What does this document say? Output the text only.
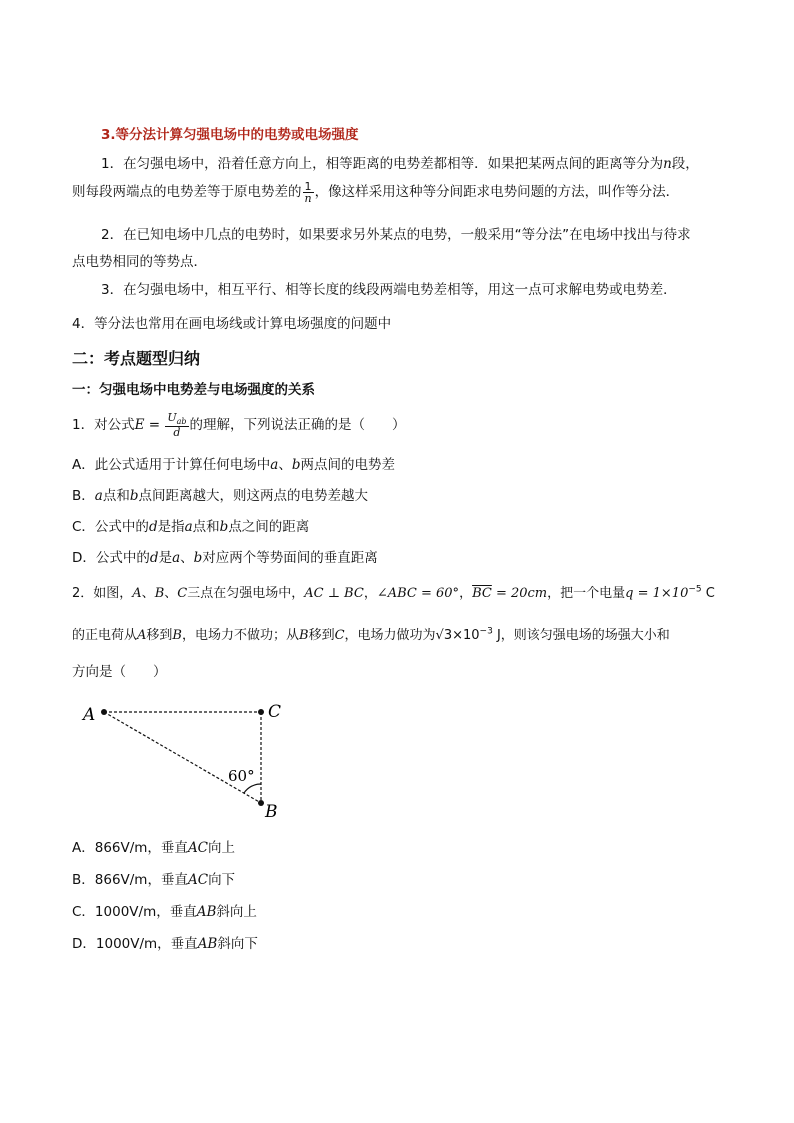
3.等分法计算匀强电场中的电势或电场强度
1．在匀强电场中，沿着任意方向上，相等距离的电势差都相等．如果把某两点间的距离等分为n段，
则每段两端点的电势差等于原电势差的 $\frac{1}{n}$ ，像这样采用这种等分间距求电势问题的方法，叫作等分法．
2．在已知电场中几点的电势时，如果要求另外某点的电势，一般采用“等分法”在电场中找出与待求
点电势相同的等势点．
3．在匀强电场中，相互平行、相等长度的线段两端电势差相等，用这一点可求解电势或电势差．
4．等分法也常用在画电场线或计算电场强度的问题中
二：考点题型归纳
一：匀强电场中电势差与电场强度的关系
1．对公式$E = \frac{U_{ab}}{d}$ 的理解，下列说法正确的是（　　）
A．此公式适用于计算任何电场中a、b两点间的电势差
B．a点和b点间距离越大，则这两点的电势差越大
C．公式中的d是指a点和b点之间的距离
D．公式中的d是a、b对应两个等势面间的垂直距离
2．如图，A、B、C三点在匀强电场中，AC ⊥ BC，∠ABC = 60°，$\overline{BC} = 20cm$，把一个电量$q = 1\times 10^{-5}$ C
的正电荷从A移到B，电场力不做功；从B移到C，电场力做功为$√3\times 10^{-3}$ J，则该匀强电场的场强大小和
方向是（　　）
A	C
B
60°
A．866V/m，垂直AC向上
B．866V/m，垂直AC向下
C．1000V/m，垂直AB斜向上
D．1000V/m，垂直AB斜向下
